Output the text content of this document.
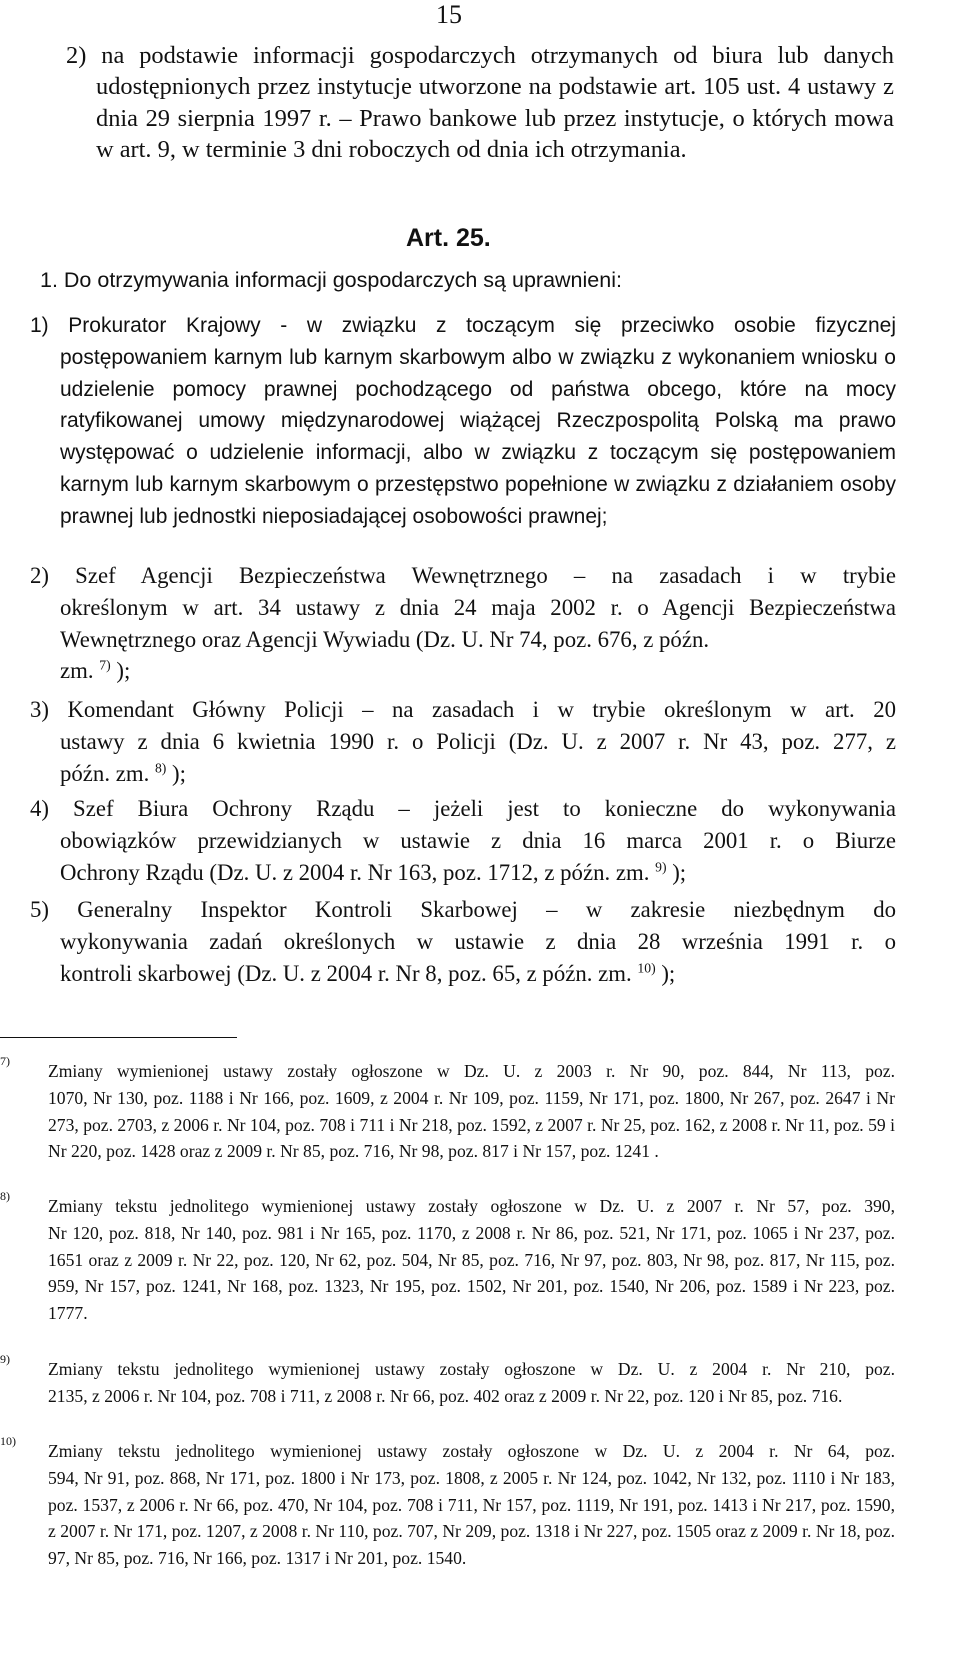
15

2) na podstawie informacji gospodarczych otrzymanych od biura lub danych

udostępnionych przez instytucje utworzone na podstawie art. 105 ust. 4 ustawy z dnia 29 sierpnia 1997 r. – Prawo bankowe lub przez instytucje, o których mowa w art. 9, w terminie 3 dni roboczych od dnia ich otrzymania.

Art. 25.
1. Do otrzymywania informacji gospodarczych są uprawnieni:

1) Prokurator Krajowy - w związku z toczącym się przeciwko osobie fizycznej

postępowaniem karnym lub karnym skarbowym albo w związku z wykonaniem wniosku o udzielenie pomocy prawnej pochodzącego od państwa obcego, które na mocy ratyfikowanej umowy międzynarodowej wiążącej Rzeczpospolitą Polską ma prawo występować o udzielenie informacji, albo w związku z toczącym się postępowaniem karnym lub karnym skarbowym o przestępstwo popełnione w związku z działaniem osoby prawnej lub jednostki nieposiadającej osobowości prawnej;

2) Szef Agencji Bezpieczeństwa Wewnętrznego – na zasadach i w trybie

określonym w art. 34 ustawy z dnia 24 maja 2002 r. o Agencji Bezpieczeństwa Wewnętrznego oraz Agencji Wywiadu (Dz. U. Nr 74, poz. 676, z późn.

zm. $^{7)}$ );

3) Komendant Główny Policji – na zasadach i w trybie określonym w art. 20

ustawy z dnia 6 kwietnia 1990 r. o Policji (Dz. U. z 2007 r. Nr 43, poz. 277, z

późn. zm. $^{8)}$ );

4) Szef Biura Ochrony Rządu – jeżeli jest to konieczne do wykonywania

obowiązków przewidzianych w ustawie z dnia 16 marca 2001 r. o Biurze

Ochrony Rządu (Dz. U. z 2004 r. Nr 163, poz. 1712, z późn. zm. $^{9)}$ );

5) Generalny Inspektor Kontroli Skarbowej – w zakresie niezbędnym do

wykonywania zadań określonych w ustawie z dnia 28 września 1991 r. o

kontroli skarbowej (Dz. U. z 2004 r. Nr 8, poz. 65, z późn. zm. $^{10)}$ );

7)	Zmiany wymienionej ustawy zostały ogłoszone w Dz. U. z 2003 r. Nr 90, poz. 844, Nr 113, poz.

1070, Nr 130, poz. 1188 i Nr 166, poz. 1609, z 2004 r. Nr 109, poz. 1159, Nr 171, poz. 1800, Nr 267, poz. 2647 i Nr 273, poz. 2703, z 2006 r. Nr 104, poz. 708 i 711 i Nr 218, poz. 1592, z 2007 r. Nr 25, poz. 162, z 2008 r. Nr 11, poz. 59 i Nr 220, poz. 1428 oraz z 2009 r. Nr 85, poz. 716, Nr 98, poz. 817 i Nr 157, poz. 1241 .

8)	Zmiany tekstu jednolitego wymienionej ustawy zostały ogłoszone w Dz. U. z 2007 r. Nr 57, poz. 390,

Nr 120, poz. 818, Nr 140, poz. 981 i Nr 165, poz. 1170, z 2008 r. Nr 86, poz. 521, Nr 171, poz. 1065 i Nr 237, poz. 1651 oraz z 2009 r. Nr 22, poz. 120, Nr 62, poz. 504, Nr 85, poz. 716, Nr 97, poz. 803, Nr 98, poz. 817, Nr 115, poz. 959, Nr 157, poz. 1241, Nr 168, poz. 1323, Nr 195, poz. 1502, Nr 201, poz. 1540, Nr 206, poz. 1589 i Nr 223, poz. 1777.

9)	Zmiany tekstu jednolitego wymienionej ustawy zostały ogłoszone w Dz. U. z 2004 r. Nr 210, poz.

2135, z 2006 r. Nr 104, poz. 708 i 711, z 2008 r. Nr 66, poz. 402 oraz z 2009 r. Nr 22, poz. 120 i Nr 85, poz. 716.

10)	Zmiany tekstu jednolitego wymienionej ustawy zostały ogłoszone w Dz. U. z 2004 r. Nr 64, poz.

594, Nr 91, poz. 868, Nr 171, poz. 1800 i Nr 173, poz. 1808, z 2005 r. Nr 124, poz. 1042, Nr 132, poz. 1110 i Nr 183, poz. 1537, z 2006 r. Nr 66, poz. 470, Nr 104, poz. 708 i 711, Nr 157, poz. 1119, Nr 191, poz. 1413 i Nr 217, poz. 1590, z 2007 r. Nr 171, poz. 1207, z 2008 r. Nr 110, poz. 707, Nr 209, poz. 1318 i Nr 227, poz. 1505 oraz z 2009 r. Nr 18, poz. 97, Nr 85, poz. 716, Nr 166, poz. 1317 i Nr 201, poz. 1540.
